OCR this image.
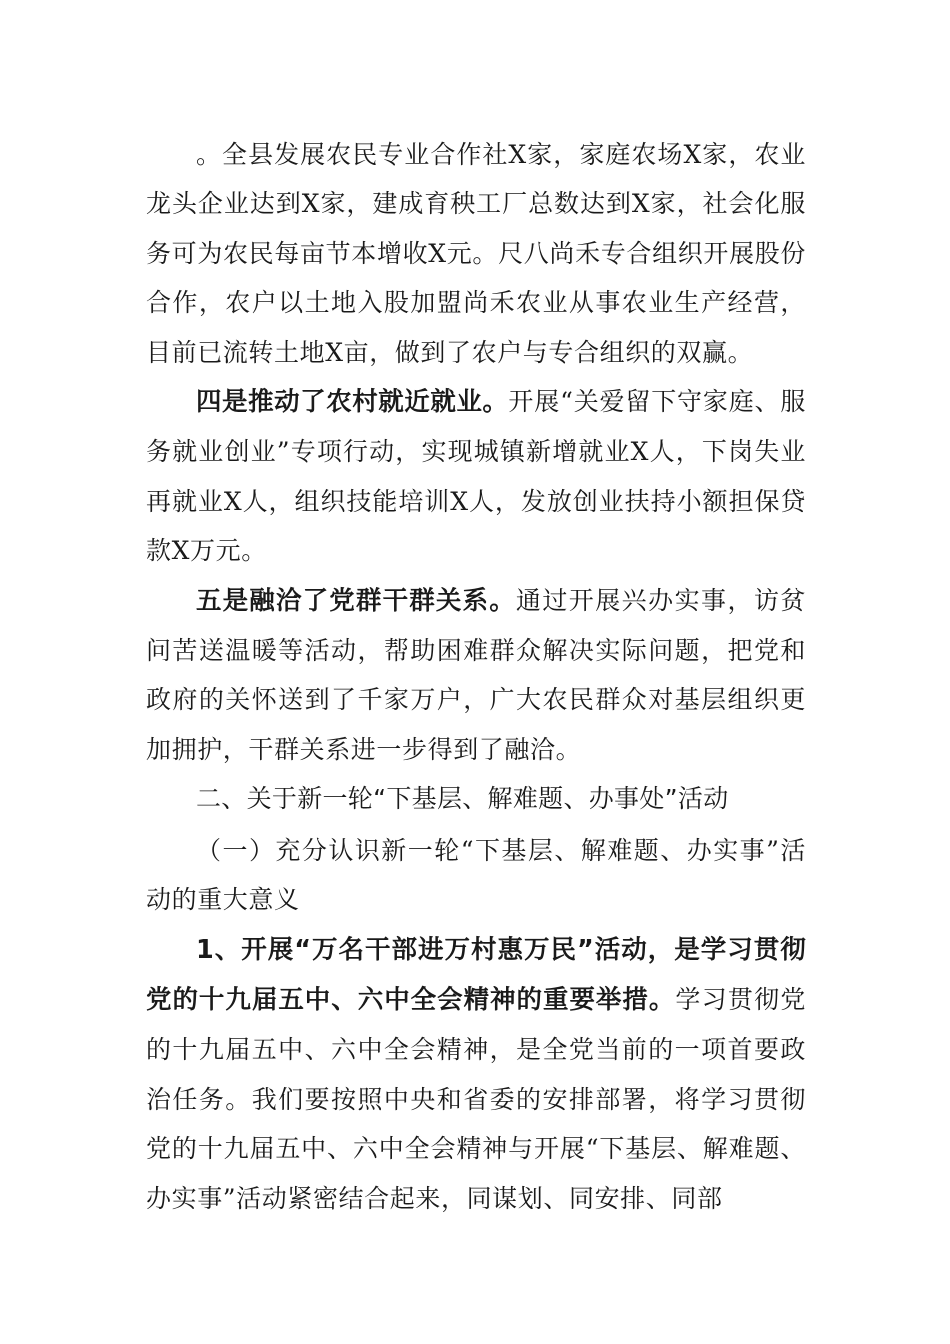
。全县发展农民专业合作社X家，家庭农场X家，农业龙头企业达到X家，建成育秧工厂总数达到X家，社会化服务可为农民每亩节本增收X元。尺八尚禾专合组织开展股份合作，农户以土地入股加盟尚禾农业从事农业生产经营，目前已流转土地X亩，做到了农户与专合组织的双赢。

四是推动了农村就近就业。开展“关爱留下守家庭、服务就业创业”专项行动，实现城镇新增就业X人，下岗失业再就业X人，组织技能培训X人，发放创业扶持小额担保贷款X万元。

五是融洽了党群干群关系。通过开展兴办实事，访贫问苦送温暖等活动，帮助困难群众解决实际问题，把党和政府的关怀送到了千家万户，广大农民群众对基层组织更加拥护，干群关系进一步得到了融洽。

二、关于新一轮“下基层、解难题、办事处”活动

（一）充分认识新一轮“下基层、解难题、办实事”活动的重大意义

1、开展“万名干部进万村惠万民”活动，是学习贯彻党的十九届五中、六中全会精神的重要举措。学习贯彻党的十九届五中、六中全会精神，是全党当前的一项首要政治任务。我们要按照中央和省委的安排部署，将学习贯彻党的十九届五中、六中全会精神与开展“下基层、解难题、办实事”活动紧密结合起来，同谋划、同安排、同部
